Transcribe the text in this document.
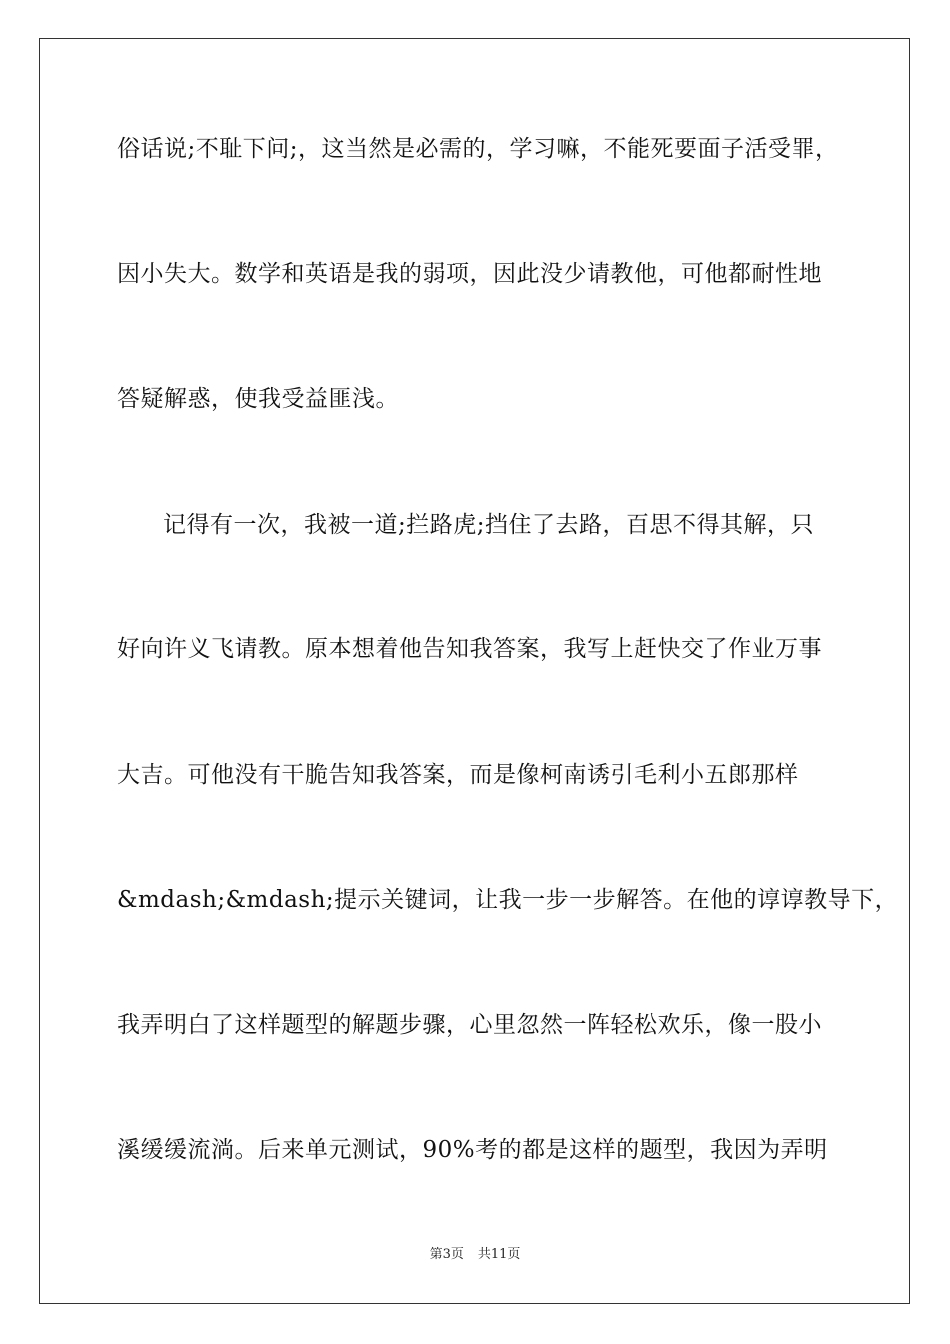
俗话说;不耻下问;，这当然是必需的，学习嘛，不能死要面子活受罪，
因小失大。数学和英语是我的弱项，因此没少请教他，可他都耐性地
答疑解惑，使我受益匪浅。
记得有一次，我被一道;拦路虎;挡住了去路，百思不得其解，只
好向许义飞请教。原本想着他告知我答案，我写上赶快交了作业万事
大吉。可他没有干脆告知我答案，而是像柯南诱引毛利小五郎那样
&mdash;&mdash;提示关键词，让我一步一步解答。在他的谆谆教导下，
我弄明白了这样题型的解题步骤，心里忽然一阵轻松欢乐，像一股小
溪缓缓流淌。后来单元测试，90%考的都是这样的题型，我因为弄明
第3页 共11页
